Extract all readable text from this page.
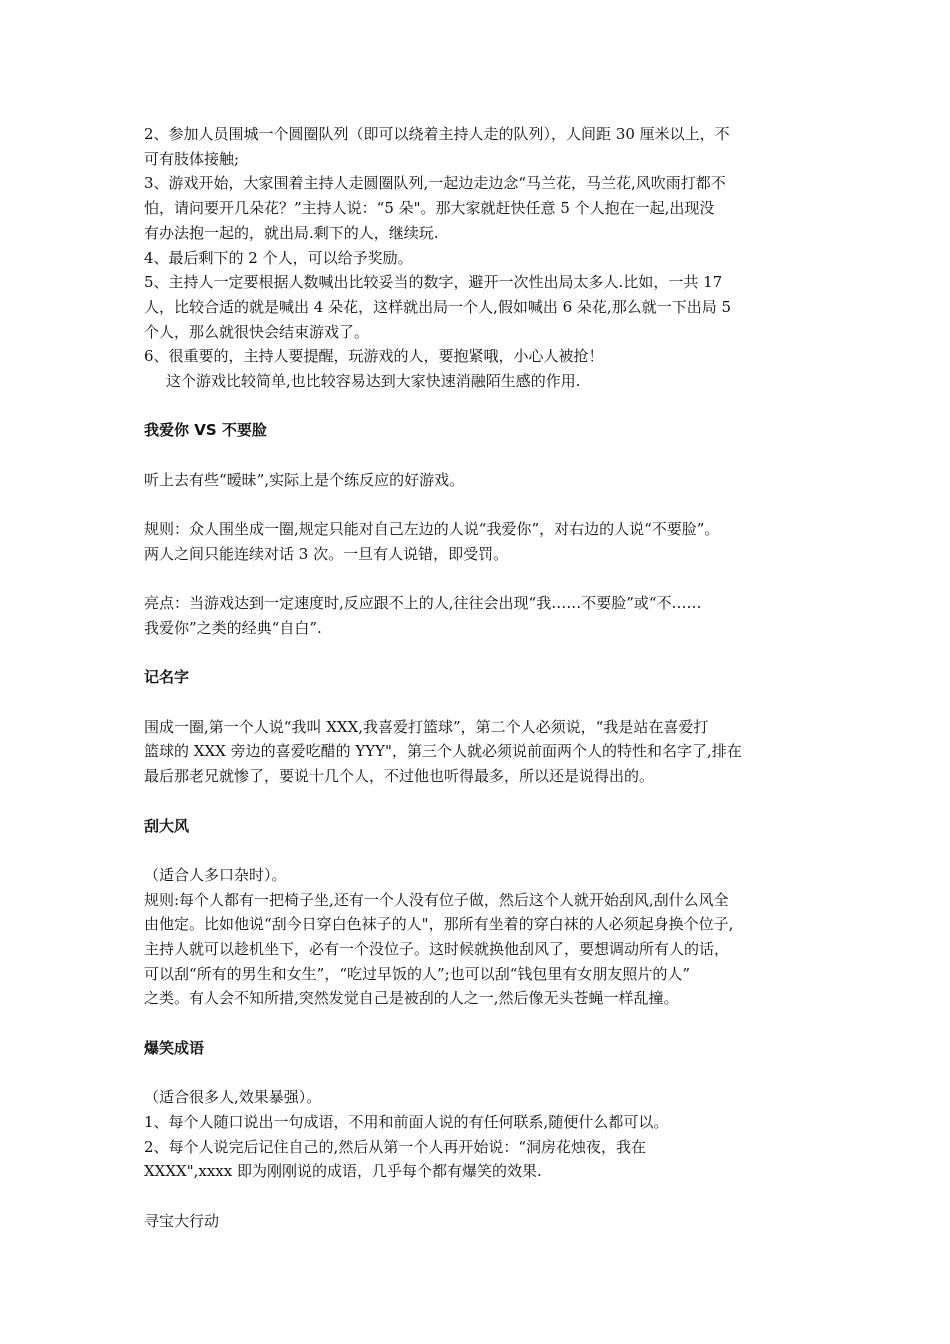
2、参加人员围城一个圆圈队列（即可以绕着主持人走的队列），人间距 30 厘米以上，不
可有肢体接触;
3、游戏开始，大家围着主持人走圆圈队列,一起边走边念“马兰花，马兰花,风吹雨打都不
怕，请问要开几朵花？”主持人说：“5 朵"。那大家就赶快任意 5 个人抱在一起,出现没
有办法抱一起的，就出局.剩下的人，继续玩.
4、最后剩下的 2 个人，可以给予奖励。
5、主持人一定要根据人数喊出比较妥当的数字，避开一次性出局太多人.比如，一共 17
人，比较合适的就是喊出 4 朵花，这样就出局一个人,假如喊出 6 朵花,那么就一下出局 5
个人，那么就很快会结束游戏了。
6、很重要的，主持人要提醒，玩游戏的人，要抱紧哦，小心人被抢！
这个游戏比较简单,也比较容易达到大家快速消融陌生感的作用.
我爱你 VS 不要脸
听上去有些“暧昧”,实际上是个练反应的好游戏。
规则：众人围坐成一圈,规定只能对自己左边的人说“我爱你”，对右边的人说“不要脸”。
两人之间只能连续对话 3 次。一旦有人说错，即受罚。
亮点：当游戏达到一定速度时,反应跟不上的人,往往会出现“我……不要脸”或“不……
我爱你”之类的经典“自白”.
记名字
围成一圈,第一个人说“我叫 XXX,我喜爱打篮球”，第二个人必须说，“我是站在喜爱打
篮球的 XXX 旁边的喜爱吃醋的 YYY"，第三个人就必须说前面两个人的特性和名字了,排在
最后那老兄就惨了，要说十几个人，不过他也听得最多，所以还是说得出的。
刮大风
（适合人多口杂时）。
规则:每个人都有一把椅子坐,还有一个人没有位子做，然后这个人就开始刮风,刮什么风全
由他定。比如他说“刮今日穿白色袜子的人"，那所有坐着的穿白袜的人必须起身换个位子,
主持人就可以趁机坐下，必有一个没位子。这时候就换他刮风了，要想调动所有人的话，
可以刮“所有的男生和女生”，“吃过早饭的人”;也可以刮“钱包里有女朋友照片的人”
之类。有人会不知所措,突然发觉自己是被刮的人之一,然后像无头苍蝇一样乱撞。
爆笑成语
（适合很多人,效果暴强）。
1、每个人随口说出一句成语，不用和前面人说的有任何联系,随便什么都可以。
2、每个人说完后记住自己的,然后从第一个人再开始说：“洞房花烛夜，我在
XXXX",xxxx 即为刚刚说的成语，几乎每个都有爆笑的效果.
寻宝大行动
